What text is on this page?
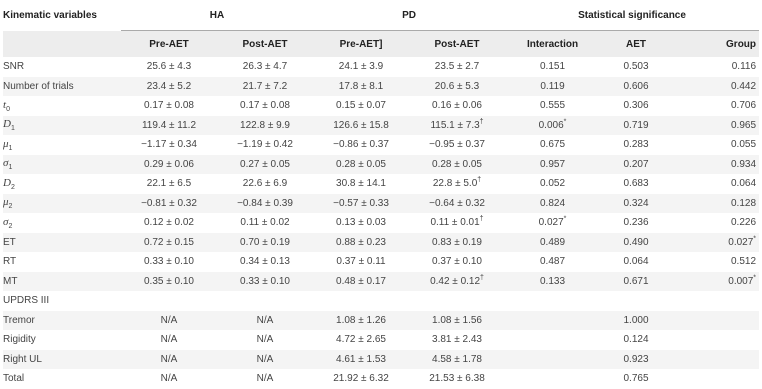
Kinematic variables	HA		PD		Statistical significance		
	Pre-AET	Post-AET	Pre-AET]	Post-AET	Interaction	AET	Group
SNR	25.6 ± 4.3	26.3 ± 4.7	24.1 ± 3.9	23.5 ± 2.7	0.151	0.503	0.116
Number of trials	23.4 ± 5.2	21.7 ± 7.2	17.8 ± 8.1	20.6 ± 5.3	0.119	0.606	0.442
$t_0$	0.17 ± 0.08	0.17 ± 0.08	0.15 ± 0.07	0.16 ± 0.06	0.555	0.306	0.706
$D_1$	119.4 ± 11.2	122.8 ± 9.9	126.6 ± 15.8	115.1 ± 7.3†	0.006*	0.719	0.965
$\mu_1$	−1.17 ± 0.34	−1.19 ± 0.42	−0.86 ± 0.37	−0.95 ± 0.37	0.675	0.283	0.055
$\sigma_1$	0.29 ± 0.06	0.27 ± 0.05	0.28 ± 0.05	0.28 ± 0.05	0.957	0.207	0.934
$D_2$	22.1 ± 6.5	22.6 ± 6.9	30.8 ± 14.1	22.8 ± 5.0†	0.052	0.683	0.064
$\mu_2$	−0.81 ± 0.32	−0.84 ± 0.39	−0.57 ± 0.33	−0.64 ± 0.32	0.824	0.324	0.128
$\sigma_2$	0.12 ± 0.02	0.11 ± 0.02	0.13 ± 0.03	0.11 ± 0.01†	0.027*	0.236	0.226
ET	0.72 ± 0.15	0.70 ± 0.19	0.88 ± 0.23	0.83 ± 0.19	0.489	0.490	0.027*
RT	0.33 ± 0.10	0.34 ± 0.13	0.37 ± 0.11	0.37 ± 0.10	0.487	0.064	0.512
MT	0.35 ± 0.10	0.33 ± 0.10	0.48 ± 0.17	0.42 ± 0.12†	0.133	0.671	0.007*
UPDRS III							
Tremor	N/A	N/A	1.08 ± 1.26	1.08 ± 1.56		1.000	
Rigidity	N/A	N/A	4.72 ± 2.65	3.81 ± 2.43		0.124	
Right UL	N/A	N/A	4.61 ± 1.53	4.58 ± 1.78		0.923	
Total	N/A	N/A	21.92 ± 6.32	21.53 ± 6.38		0.765	
